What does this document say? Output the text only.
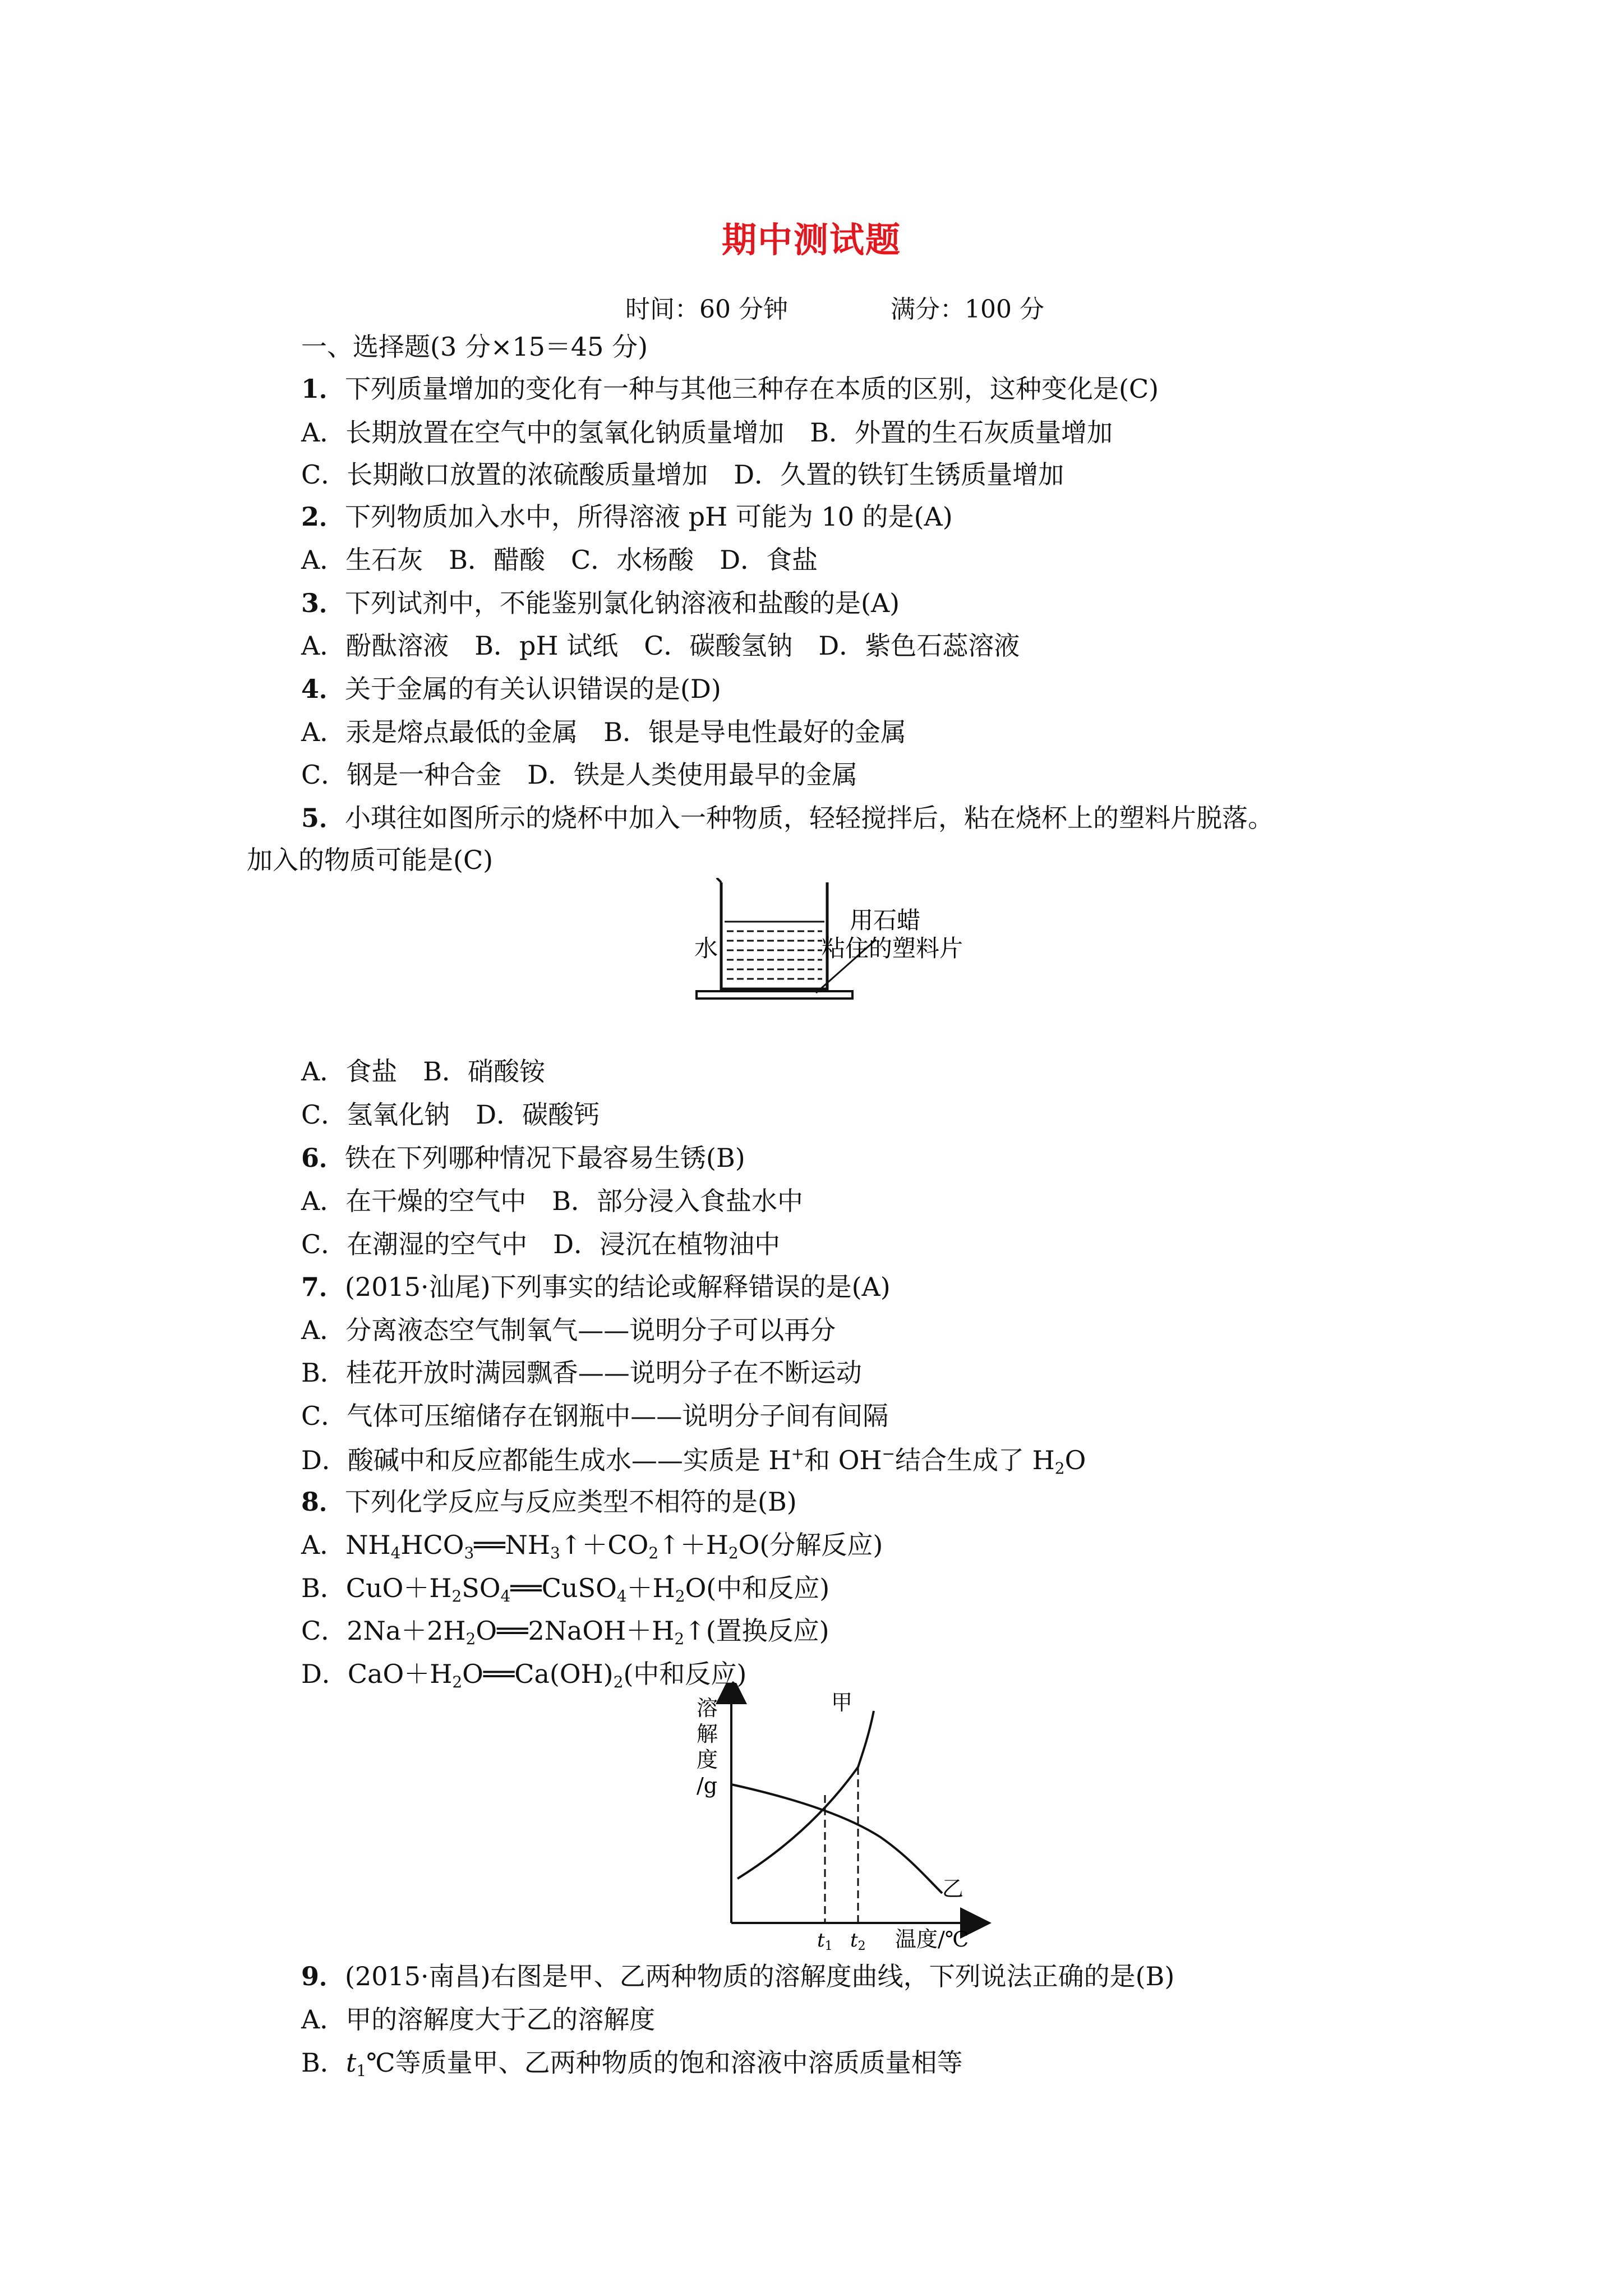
期中测试题
时间：60 分钟	满分：100 分
一、选择题(3 分×15＝45 分)
1．下列质量增加的变化有一种与其他三种存在本质的区别，这种变化是(C)
A．长期放置在空气中的氢氧化钠质量增加　B．外置的生石灰质量增加
C．长期敞口放置的浓硫酸质量增加　D．久置的铁钉生锈质量增加
2．下列物质加入水中，所得溶液 pH 可能为 10 的是(A)
A．生石灰　B．醋酸　C．水杨酸　D．食盐
3．下列试剂中，不能鉴别氯化钠溶液和盐酸的是(A)
A．酚酞溶液　B．pH 试纸　C．碳酸氢钠　D．紫色石蕊溶液
4．关于金属的有关认识错误的是(D)
A．汞是熔点最低的金属　B．银是导电性最好的金属
C．钢是一种合金　D．铁是人类使用最早的金属
5．小琪往如图所示的烧杯中加入一种物质，轻轻搅拌后，粘在烧杯上的塑料片脱落。
加入的物质可能是(C)
水
用石蜡
粘住的塑料片
A．食盐　B．硝酸铵
C．氢氧化钠　D．碳酸钙
6．铁在下列哪种情况下最容易生锈(B)
A．在干燥的空气中　B．部分浸入食盐水中
C．在潮湿的空气中　D．浸沉在植物油中
7．(2015·汕尾)下列事实的结论或解释错误的是(A)
A．分离液态空气制氧气——说明分子可以再分
B．桂花开放时满园飘香——说明分子在不断运动
C．气体可压缩储存在钢瓶中——说明分子间有间隔
D．酸碱中和反应都能生成水——实质是 H+和 OH−结合生成了 $H_2O$
8．下列化学反应与反应类型不相符的是(B)
A．$NH_4HCO_3══NH_3↑+CO_2↑+H_2O$(分解反应)
B．$CuO+H_2SO_4══CuSO_4+H_2O$(中和反应)
C．$2Na+2H_2O══2NaOH+H_2↑$(置换反应)
D．$CaO+H_2O══Ca(OH)_2$(中和反应)
溶
解
度
/g
甲
乙
t1 t2 温度/℃
9．(2015·南昌)右图是甲、乙两种物质的溶解度曲线，下列说法正确的是(B)
A．甲的溶解度大于乙的溶解度
B．$t_1℃$等质量甲、乙两种物质的饱和溶液中溶质质量相等
